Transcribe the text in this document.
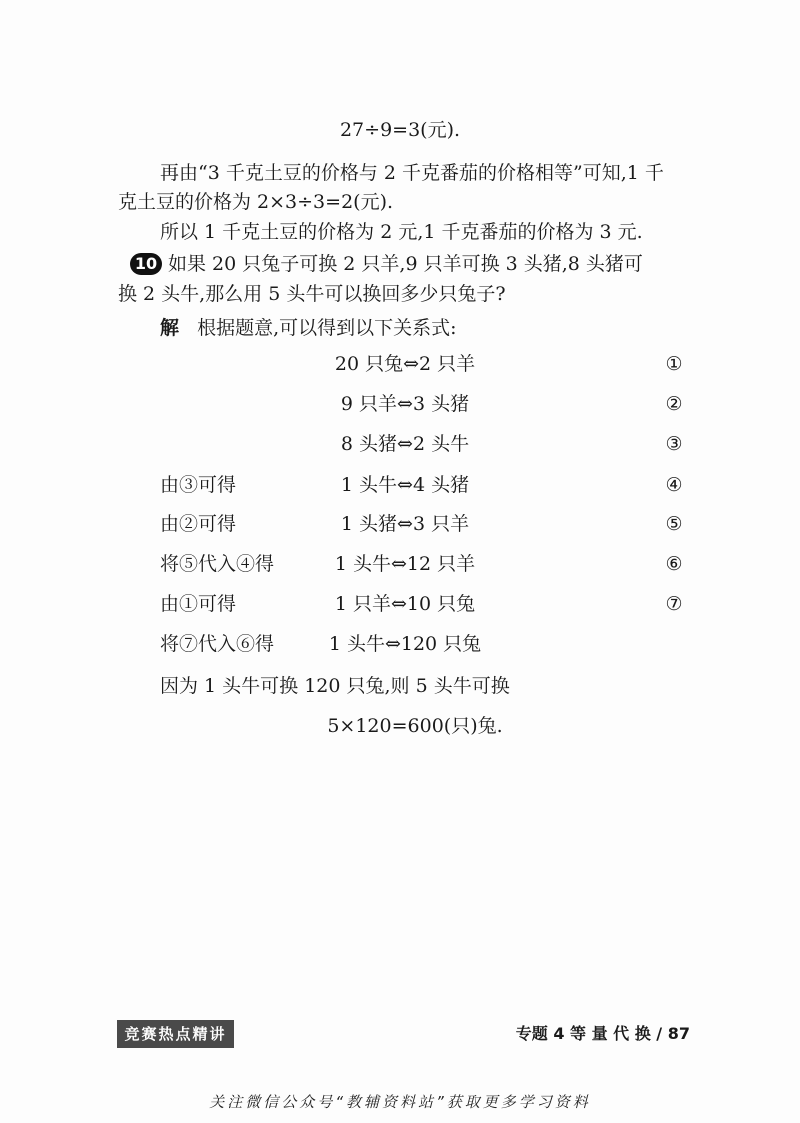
27÷9=3(元).
再由“3 千克土豆的价格与 2 千克番茄的价格相等”可知,1 千
克土豆的价格为 2×3÷3=2(元).
所以 1 千克土豆的价格为 2 元,1 千克番茄的价格为 3 元.
10 如果 20 只兔子可换 2 只羊,9 只羊可换 3 头猪,8 头猪可
换 2 头牛,那么用 5 头牛可以换回多少只兔子?
解 根据题意,可以得到以下关系式:
20 只兔⇔2 只羊	①
9 只羊⇔3 头猪	②
8 头猪⇔2 头牛	③
由③可得	1 头牛⇔4 头猪	④
由②可得	1 头猪⇔3 只羊	⑤
将⑤代入④得	1 头牛⇔12 只羊	⑥
由①可得	1 只羊⇔10 只兔	⑦
将⑦代入⑥得	1 头牛⇔120 只兔
因为 1 头牛可换 120 只兔,则 5 头牛可换
5×120=600(只)兔.
竞赛热点精讲	专题 4 等 量 代 换 / 87
关注微信公众号“教辅资料站”获取更多学习资料
